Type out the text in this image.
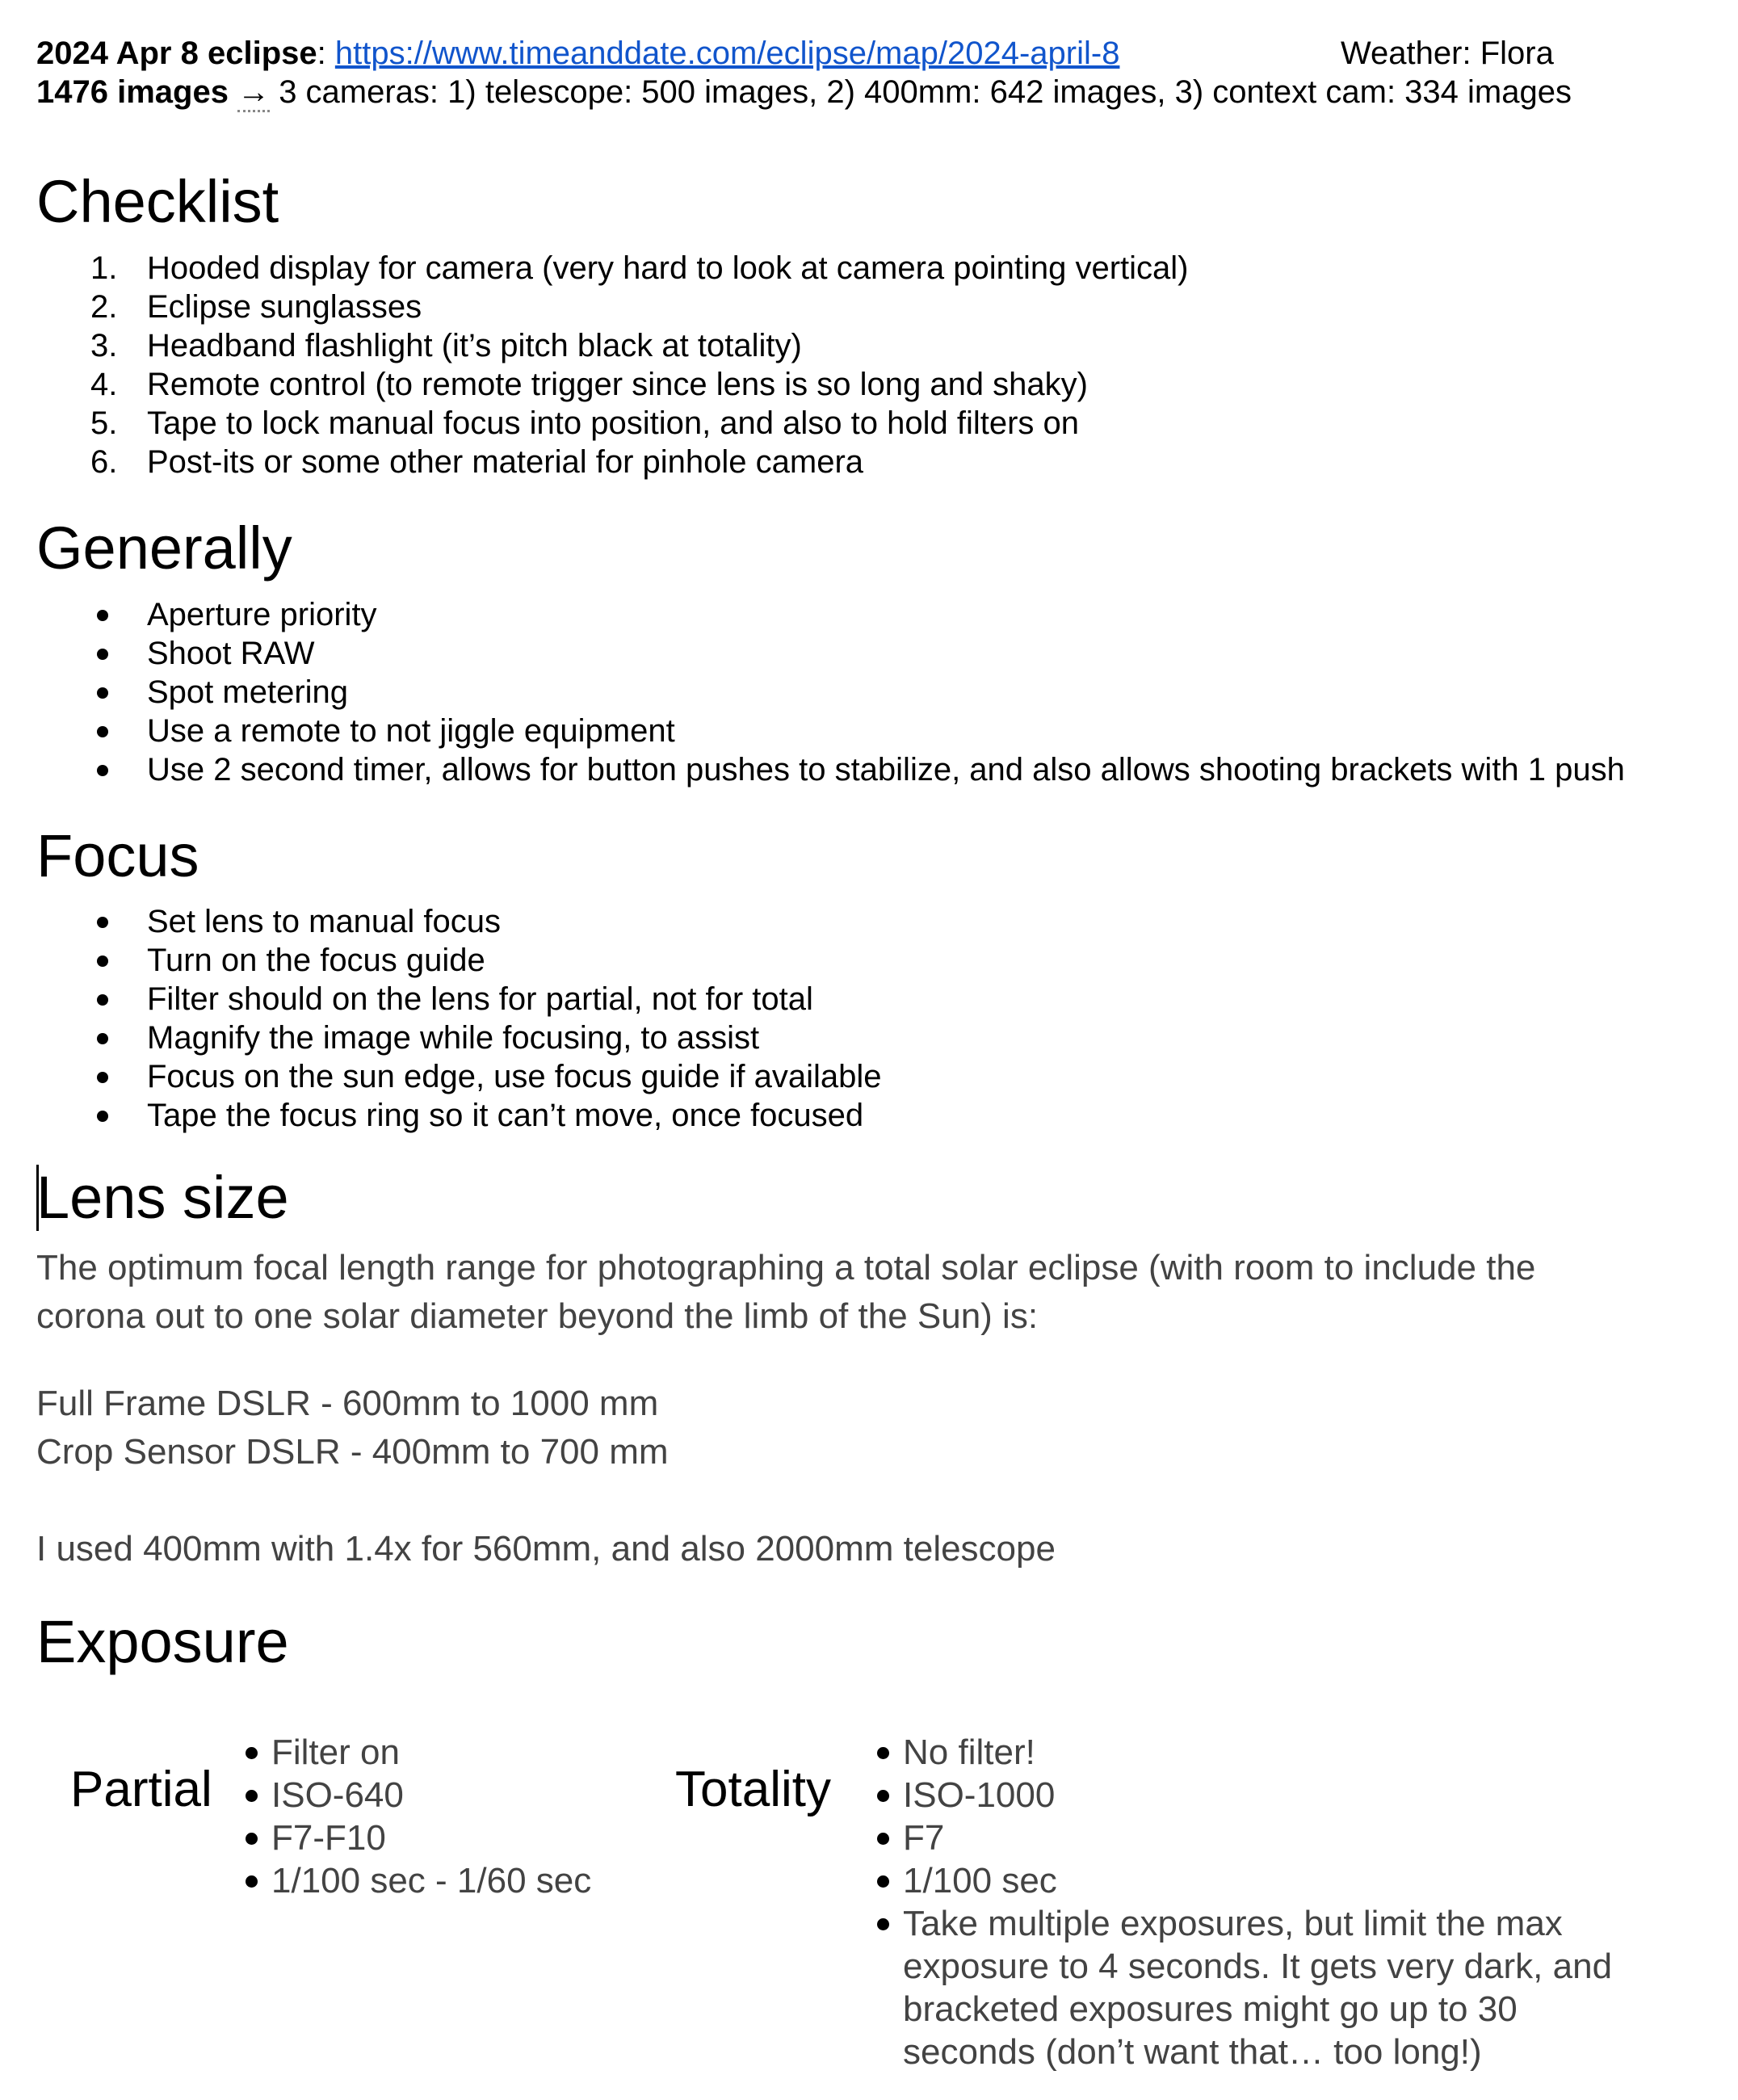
2024 Apr 8 eclipse: https://www.timeanddate.com/eclipse/map/2024-april-8	Weather: Flora
1476 images → 3 cameras: 1) telescope: 500 images, 2) 400mm: 642 images, 3) context cam: 334 images
Checklist
1. Hooded display for camera (very hard to look at camera pointing vertical)
2. Eclipse sunglasses
3. Headband flashlight (it’s pitch black at totality)
4. Remote control (to remote trigger since lens is so long and shaky)
5. Tape to lock manual focus into position, and also to hold filters on
6. Post-its or some other material for pinhole camera
Generally
Aperture priority
Shoot RAW
Spot metering
Use a remote to not jiggle equipment
Use 2 second timer, allows for button pushes to stabilize, and also allows shooting brackets with 1 push
Focus
Set lens to manual focus
Turn on the focus guide
Filter should on the lens for partial, not for total
Magnify the image while focusing, to assist
Focus on the sun edge, use focus guide if available
Tape the focus ring so it can’t move, once focused
Lens size
The optimum focal length range for photographing a total solar eclipse (with room to include the
corona out to one solar diameter beyond the limb of the Sun) is:
Full Frame DSLR - 600mm to 1000 mm
Crop Sensor DSLR - 400mm to 700 mm
I used 400mm with 1.4x for 560mm, and also 2000mm telescope
Exposure
Partial
Filter on
ISO-640
F7-F10
1/100 sec - 1/60 sec
Totality
No filter!
ISO-1000
F7
1/100 sec
Take multiple exposures, but limit the max
exposure to 4 seconds. It gets very dark, and
bracketed exposures might go up to 30
seconds (don’t want that… too long!)
